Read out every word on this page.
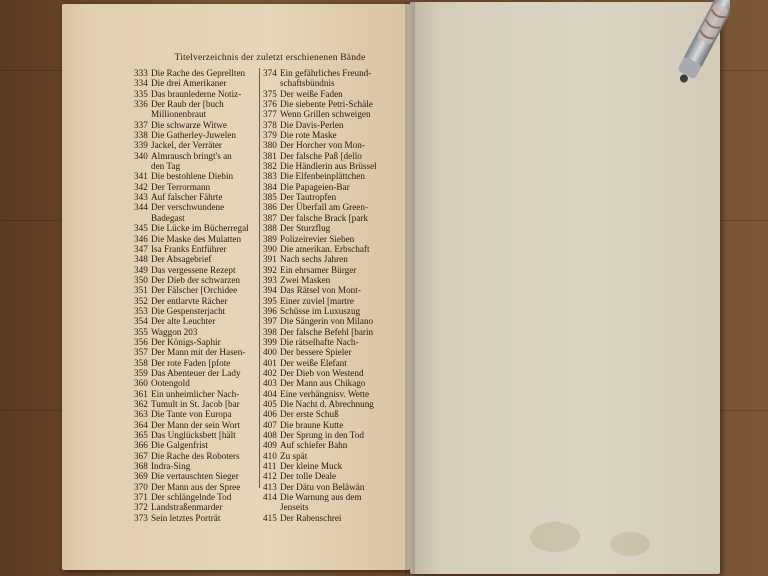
Titelverzeichnis der zuletzt erschienenen Bände
333 Die Rache des Geprellten
334 Die drei Amerikaner
335 Das braunlederne Notiz-
336 Der Raub der [buch
Millionenbraut
337 Die schwarze Witwe
338 Die Gatherley-Juwelen
339 Jackel, der Verräter
340 Almrausch bringt's an
den Tag
341 Die bestohlene Diebin
342 Der Terrormann
343 Auf falscher Fährte
344 Der verschwundene
Badegast
345 Die Lücke im Bücherregal
346 Die Maske des Mulatten
347 Isa Franks Entführer
348 Der Absagebrief
349 Das vergessene Rezept
350 Der Dieb der schwarzen
351 Der Fälscher [Orchidee
352 Der entlarvte Rächer
353 Die Gespensterjacht
354 Der alte Leuchter
355 Waggon 203
356 Der Königs-Saphir
357 Der Mann mit der Hasen-
358 Der rote Faden [pfote
359 Das Abenteuer der Lady
360 Ootengold
361 Ein unheimlicher Nach-
362 Tumult in St. Jacob [bar
363 Die Tante von Europa
364 Der Mann der sein Wort
365 Das Unglücksbett [hält
366 Die Galgenfrist
367 Die Rache des Roboters
368 Indra-Sing
369 Die vertauschten Sieger
370 Der Mann aus der Spree
371 Der schlängelnde Tod
372 Landstraßenmarder
373 Sein letztes Porträt
374 Ein gefährliches Freund-
schaftsbündnis
375 Der weiße Faden
376 Die siebente Petri-Schäle
377 Wenn Grillen schweigen
378 Die Davis-Perlen
379 Die rote Maske
380 Der Horcher von Mon-
381 Der falsche Paß [dello
382 Die Händlerin aus Brüssel
383 Die Elfenbeinplättchen
384 Die Papageien-Bar
385 Der Tautropfen
386 Der Überfall am Green-
387 Der falsche Brack [park
388 Der Sturzflug
389 Polizeirevier Sieben
390 Die amerikan. Erbschaft
391 Nach sechs Jahren
392 Ein ehrsamer Bürger
393 Zwei Masken
394 Das Rätsel von Mont-
395 Einer zuviel [martre
396 Schüsse im Luxuszug
397 Die Sängerin von Milano
398 Der falsche Befehl [barin
399 Die rätselhafte Nach-
400 Der bessere Spieler
401 Der weiße Elefant
402 Der Dieb von Westend
403 Der Mann aus Chikago
404 Eine verhängnisv. Wette
405 Die Nacht d. Abrechnung
406 Der erste Schuß
407 Die braune Kutte
408 Der Sprung in den Tod
409 Auf schiefer Bahn
410 Zu spät
411 Der kleine Muck
412 Der tolle Deale
413 Der Dätu von Beläwän
414 Die Warnung aus dem
Jenseits
415 Der Rabenschrei
